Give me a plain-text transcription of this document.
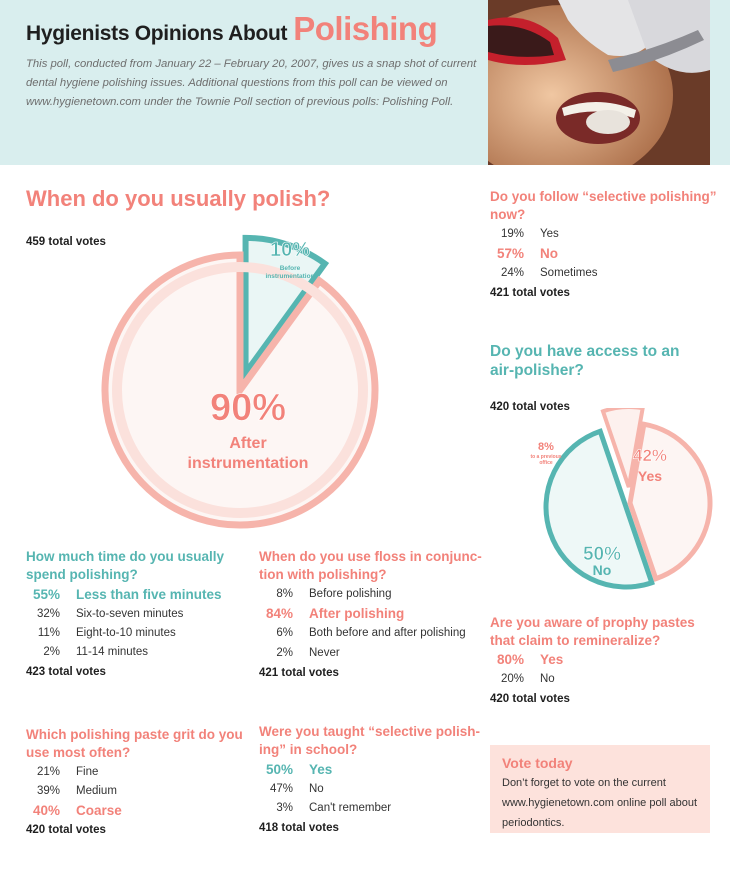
Hygienists Opinions About Polishing
This poll, conducted from January 22 – February 20, 2007, gives us a snap shot of current dental hygiene polishing issues. Additional questions from this poll can be viewed on www.hygienetown.com under the Townie Poll section of previous polls: Polishing Poll.
When do you usually polish?
459 total votes	10%
Before
instrumentation
90%
After
instrumentation
Do you follow “selective polishing”
now?
19% Yes
57% No
24% Sometimes
421 total votes
Do you have access to an
air-polisher?
420 total votes
42%
Yes
50%
No
8%
to a previous
office
Are you aware of prophy pastes
that claim to remineralize?
80% Yes
20% No
420 total votes
How much time do you usually
spend polishing?
55% Less than five minutes
32% Six-to-seven minutes
11% Eight-to-10 minutes
2% 11-14 minutes
423 total votes
When do you use floss in conjunc-
tion with polishing?
8% Before polishing
84% After polishing
6% Both before and after polishing
2% Never
421 total votes
Which polishing paste grit do you
use most often?
21% Fine
39% Medium
40% Coarse
420 total votes
Were you taught “selective polish-
ing” in school?
50% Yes
47% No
3% Can't remember
418 total votes
Vote today
Don’t forget to vote on the current
www.hygienetown.com online poll about
periodontics.
